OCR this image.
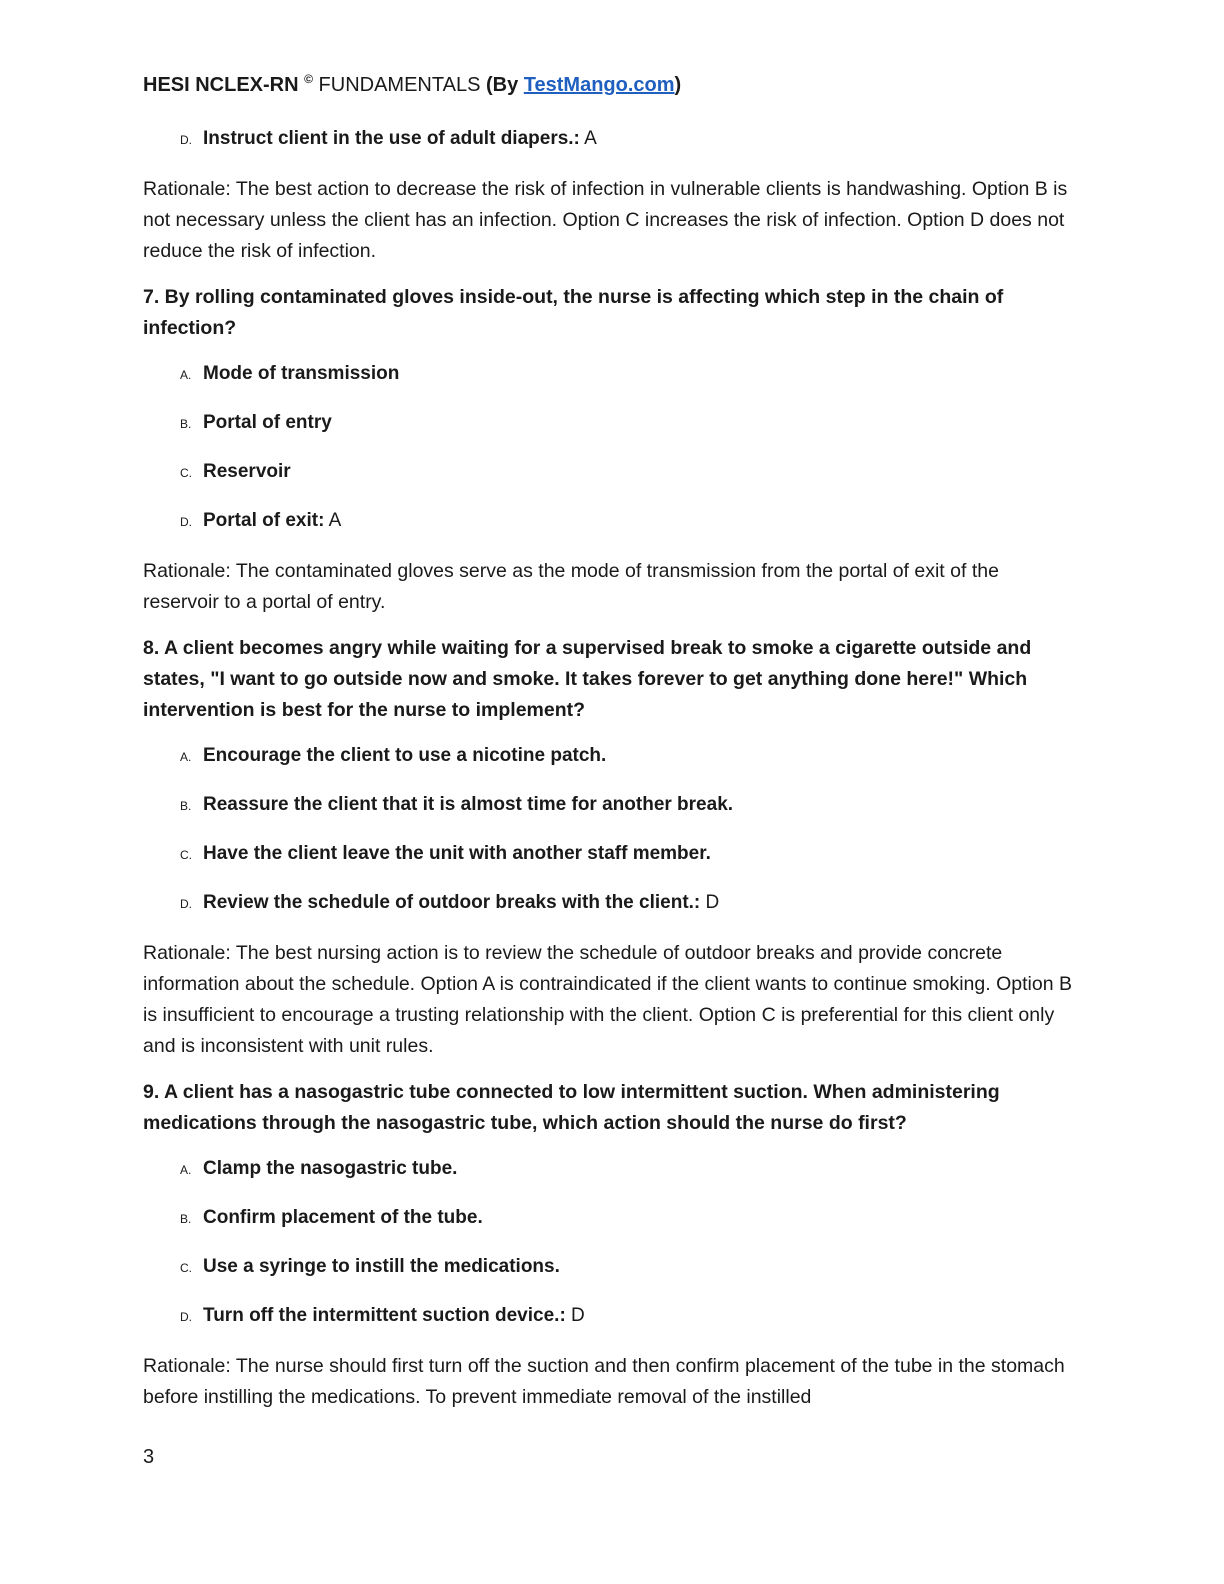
HESI NCLEX-RN © FUNDAMENTALS (By TestMango.com)
D. Instruct client in the use of adult diapers.: A

Rationale: The best action to decrease the risk of infection in vulnerable clients is handwashing. Option B is not necessary unless the client has an infection. Option C increases the risk of infection. Option D does not reduce the risk of infection.

7. By rolling contaminated gloves inside-out, the nurse is affecting which step in the chain of infection?

A. Mode of transmission
B. Portal of entry
C. Reservoir
D. Portal of exit: A

Rationale: The contaminated gloves serve as the mode of transmission from the portal of exit of the reservoir to a portal of entry.

8. A client becomes angry while waiting for a supervised break to smoke a cigarette outside and states, "I want to go outside now and smoke. It takes forever to get anything done here!" Which intervention is best for the nurse to implement?

A. Encourage the client to use a nicotine patch.
B. Reassure the client that it is almost time for another break.
C. Have the client leave the unit with another staff member.
D. Review the schedule of outdoor breaks with the client.: D

Rationale: The best nursing action is to review the schedule of outdoor breaks and provide concrete information about the schedule. Option A is contraindicated if the client wants to continue smoking. Option B is insufficient to encourage a trusting relationship with the client. Option C is preferential for this client only and is inconsistent with unit rules.

9. A client has a nasogastric tube connected to low intermittent suction. When administering medications through the nasogastric tube, which action should the nurse do first?

A. Clamp the nasogastric tube.
B. Confirm placement of the tube.
C. Use a syringe to instill the medications.
D. Turn off the intermittent suction device.: D

Rationale: The nurse should first turn off the suction and then confirm placement of the tube in the stomach before instilling the medications. To prevent immediate removal of the instilled

3
